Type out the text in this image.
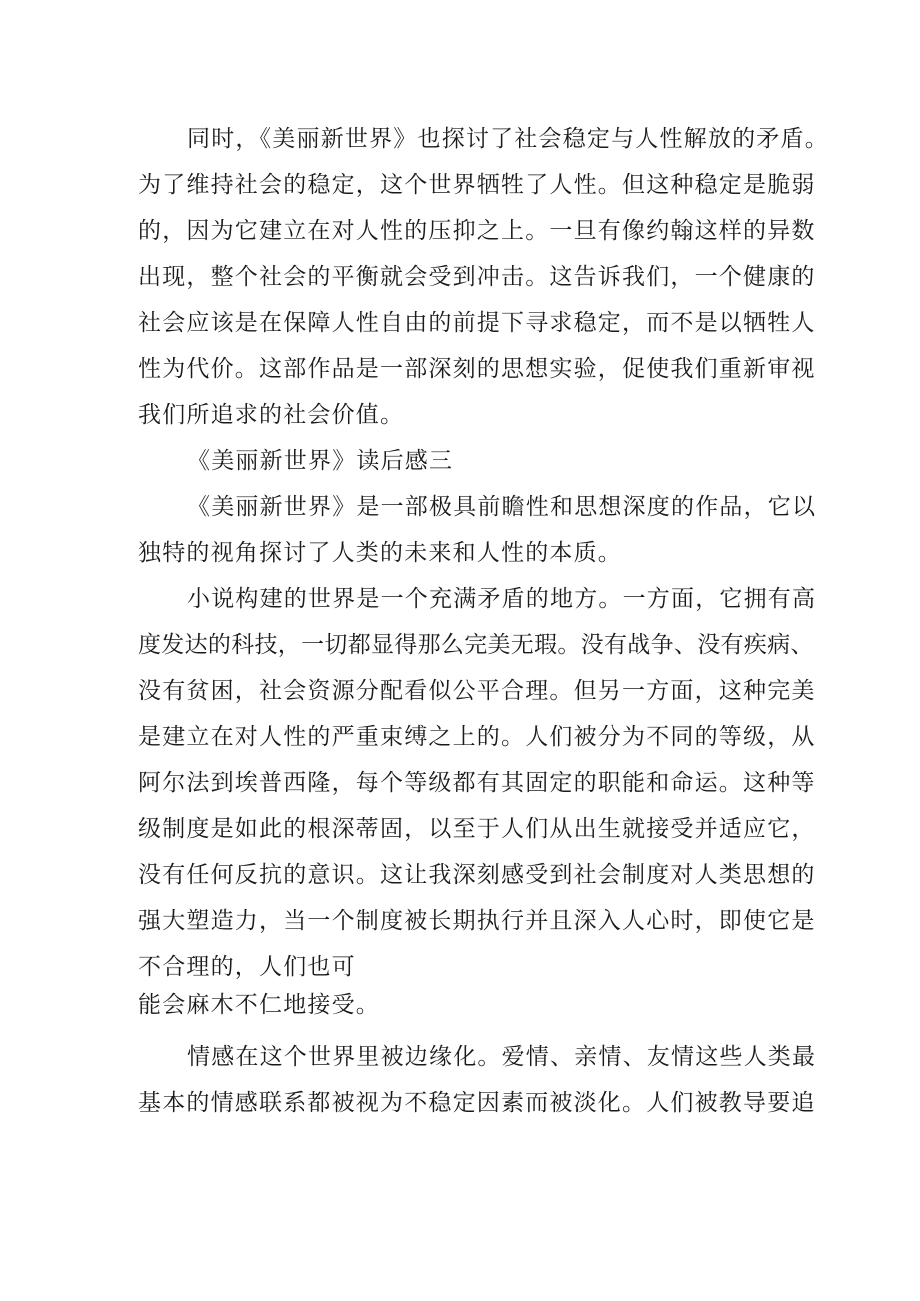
同时，《美丽新世界》也探讨了社会稳定与人性解放的矛盾。
为了维持社会的稳定，这个世界牺牲了人性。但这种稳定是脆弱
的，因为它建立在对人性的压抑之上。一旦有像约翰这样的异数
出现，整个社会的平衡就会受到冲击。这告诉我们，一个健康的
社会应该是在保障人性自由的前提下寻求稳定，而不是以牺牲人
性为代价。这部作品是一部深刻的思想实验，促使我们重新审视
我们所追求的社会价值。
《美丽新世界》读后感三
《美丽新世界》是一部极具前瞻性和思想深度的作品，它以
独特的视角探讨了人类的未来和人性的本质。
小说构建的世界是一个充满矛盾的地方。一方面，它拥有高
度发达的科技，一切都显得那么完美无瑕。没有战争、没有疾病、
没有贫困，社会资源分配看似公平合理。但另一方面，这种完美
是建立在对人性的严重束缚之上的。人们被分为不同的等级，从
阿尔法到埃普西隆，每个等级都有其固定的职能和命运。这种等
级制度是如此的根深蒂固，以至于人们从出生就接受并适应它，
没有任何反抗的意识。这让我深刻感受到社会制度对人类思想的
强大塑造力，当一个制度被长期执行并且深入人心时，即使它是
不合理的，人们也可
能会麻木不仁地接受。
情感在这个世界里被边缘化。爱情、亲情、友情这些人类最
基本的情感联系都被视为不稳定因素而被淡化。人们被教导要追
